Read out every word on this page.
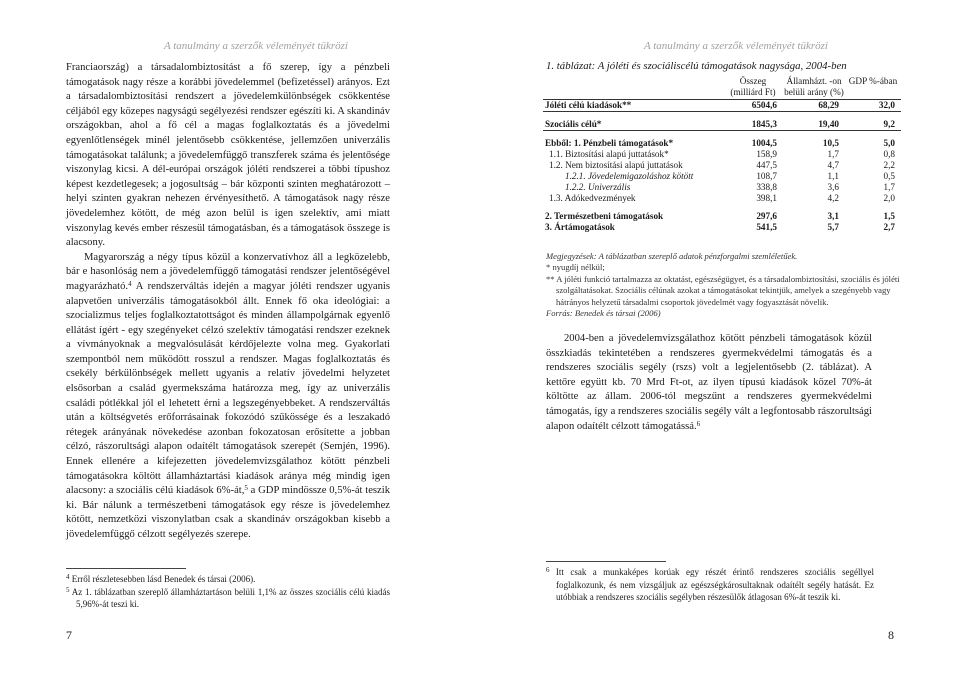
A tanulmány a szerzők véleményét tükrözi

Franciaország) a társadalombiztosítást a fő szerep, így a pénzbeli támogatások nagy része a korábbi jövedelemmel (befizetéssel) arányos. Ezt a társadalombiztosítási rendszert a jövedelemkülönbségek csökkentése céljából egy közepes nagyságú segélyezési rendszer egészíti ki. A skandináv országokban, ahol a fő cél a magas foglalkoztatás és a jövedelmi egyenlőtlenségek minél jelentősebb csökkentése, jellemzően univerzális támogatásokat találunk; a jövedelemfüggő transzferek száma és jelentősége viszonylag kicsi. A dél-európai országok jóléti rendszerei a többi típushoz képest kezdetlegesek; a jogosultság – bár központi szinten meghatározott – helyi szinten gyakran nehezen érvényesíthető. A támogatások nagy része jövedelemhez kötött, de még azon belül is igen szelektív, ami miatt viszonylag kevés ember részesül támogatásban, és a támogatások összege is alacsony.

Magyarország a négy típus közül a konzervatívhoz áll a legközelebb, bár e hasonlóság nem a jövedelemfüggő támogatási rendszer jelentőségével magyarázható.$^4$ A rendszerváltás idején a magyar jóléti rendszer ugyanis alapvetően univerzális támogatásokból állt. Ennek fő oka ideológiai: a szocializmus teljes foglalkoztatottságot és minden állampolgárnak egyenlő ellátást ígért - egy szegényeket célzó szelektív támogatási rendszer ezeknek a vívmányoknak a megvalósulását kérdőjelezte volna meg. Gyakorlati szempontból nem működött rosszul a rendszer. Magas foglalkoztatás és csekély bérkülönbségek mellett ugyanis a relatív jövedelmi helyzetet elsősorban a család gyermekszáma határozza meg, így az univerzális családi pótlékkal jól el lehetett érni a legszegényebbeket. A rendszerváltás után a költségvetés erőforrásainak fokozódó szűkössége és a leszakadó rétegek arányának növekedése azonban fokozatosan erősítette a jobban célzó, rászorultsági alapon odaítélt támogatások szerepét (Semjén, 1996). Ennek ellenére a kifejezetten jövedelemvizsgálathoz kötött pénzbeli támogatásokra költött államháztartási kiadások aránya még mindig igen alacsony: a szociális célú kiadások 6%-át,$^5$ a GDP mindössze 0,5%-át teszik ki. Bár nálunk a természetbeni támogatások egy része is jövedelemhez kötött, nemzetközi viszonylatban csak a skandináv országokban kisebb a jövedelemfüggő célzott segélyezés szerepe.

$^4$ Erről részletesebben lásd Benedek és társai (2006).

$^5$ Az 1. táblázatban szereplő államháztartáson belüli 1,1% az összes szociális célú kiadás 5,96%-át teszi ki.

7
A tanulmány a szerzők véleményét tükrözi
1. táblázat: A jóléti és szociáliscélú támogatások nagysága, 2004-ben
	Összeg (milliárd Ft)	Államházt. -on belüli arány (%)	GDP %-ában

Jóléti célú kiadások**	6504,6	68,29	32,0

Szociális célú*	1845,3	19,40	9,2

Ebből: 1. Pénzbeli támogatások*	1004,5	10,5	5,0
1.1. Biztosítási alapú juttatások*	158,9	1,7	0,8
1.2. Nem biztosítási alapú juttatások	447,5	4,7	2,2
1.2.1. Jövedelemigazoláshoz kötött	108,7	1,1	0,5
1.2.2. Univerzális	338,8	3,6	1,7
1.3. Adókedvezmények	398,1	4,2	2,0

2. Természetbeni támogatások	297,6	3,1	1,5
3. Ártámogatások	541,5	5,7	2,7

Megjegyzések: A táblázatban szereplő adatok pénzforgalmi szemléletűek.

* nyugdíj nélkül;

** A jóléti funkció tartalmazza az oktatást, egészségügyet, és a társadalombiztosítási, szociális és jóléti szolgáltatásokat. Szociális célúnak azokat a támogatásokat tekintjük, amelyek a szegényebb vagy hátrányos helyzetű társadalmi csoportok jövedelmét vagy fogyasztását növelik.

Forrás: Benedek és társai (2006)

2004-ben a jövedelemvizsgálathoz kötött pénzbeli támogatások közül összkiadás tekintetében a rendszeres gyermekvédelmi támogatás és a rendszeres szociális segély (rszs) volt a legjelentősebb (2. táblázat). A kettőre együtt kb. 70 Mrd Ft-ot, az ilyen típusú kiadások közel 70%-át költötte az állam. 2006-tól megszűnt a rendszeres gyermekvédelmi támogatás, így a rendszeres szociális segély vált a legfontosabb rászorultsági alapon odaítélt célzott támogatássá.$^6$

$^6$ Itt csak a munkaképes korúak egy részét érintő rendszeres szociális segéllyel foglalkozunk, és nem vizsgáljuk az egészségkárosultaknak odaítélt segély hatását. Ez utóbbiak a rendszeres szociális segélyben részesülők átlagosan 6%-át teszik ki.

8
